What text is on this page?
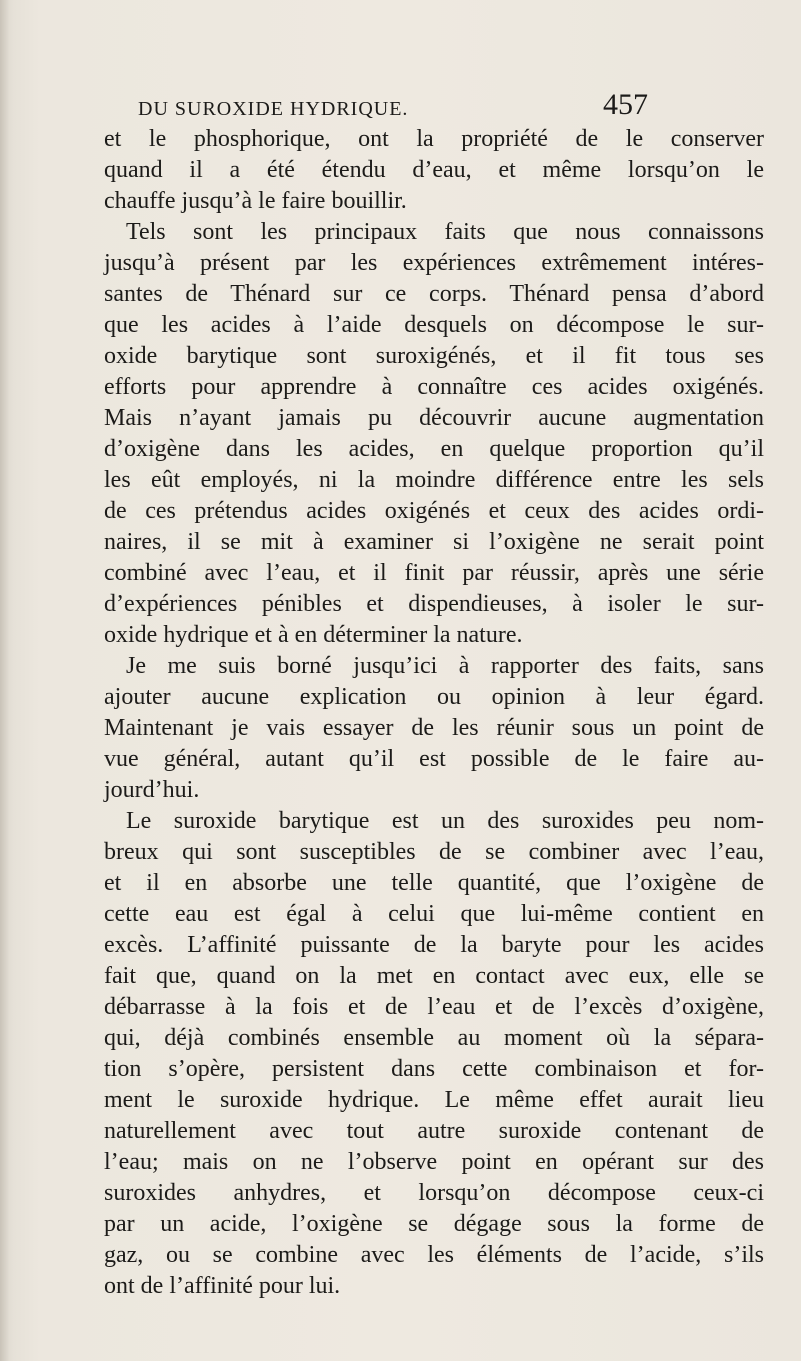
DU SUROXIDE HYDRIQUE.	457
et le phosphorique, ont la propriété de le conserver
quand il a été étendu d’eau, et même lorsqu’on le
chauffe jusqu’à le faire bouillir.
Tels sont les principaux faits que nous connaissons
jusqu’à présent par les expériences extrêmement intéres-
santes de Thénard sur ce corps. Thénard pensa d’abord
que les acides à l’aide desquels on décompose le sur-
oxide barytique sont suroxigénés, et il fit tous ses
efforts pour apprendre à connaître ces acides oxigénés.
Mais n’ayant jamais pu découvrir aucune augmentation
d’oxigène dans les acides, en quelque proportion qu’il
les eût employés, ni la moindre différence entre les sels
de ces prétendus acides oxigénés et ceux des acides ordi-
naires, il se mit à examiner si l’oxigène ne serait point
combiné avec l’eau, et il finit par réussir, après une série
d’expériences pénibles et dispendieuses, à isoler le sur-
oxide hydrique et à en déterminer la nature.
Je me suis borné jusqu’ici à rapporter des faits, sans
ajouter aucune explication ou opinion à leur égard.
Maintenant je vais essayer de les réunir sous un point de
vue général, autant qu’il est possible de le faire au-
jourd’hui.
Le suroxide barytique est un des suroxides peu nom-
breux qui sont susceptibles de se combiner avec l’eau,
et il en absorbe une telle quantité, que l’oxigène de
cette eau est égal à celui que lui-même contient en
excès. L’affinité puissante de la baryte pour les acides
fait que, quand on la met en contact avec eux, elle se
débarrasse à la fois et de l’eau et de l’excès d’oxigène,
qui, déjà combinés ensemble au moment où la sépara-
tion s’opère, persistent dans cette combinaison et for-
ment le suroxide hydrique. Le même effet aurait lieu
naturellement avec tout autre suroxide contenant de
l’eau; mais on ne l’observe point en opérant sur des
suroxides anhydres, et lorsqu’on décompose ceux-ci
par un acide, l’oxigène se dégage sous la forme de
gaz, ou se combine avec les éléments de l’acide, s’ils
ont de l’affinité pour lui.
